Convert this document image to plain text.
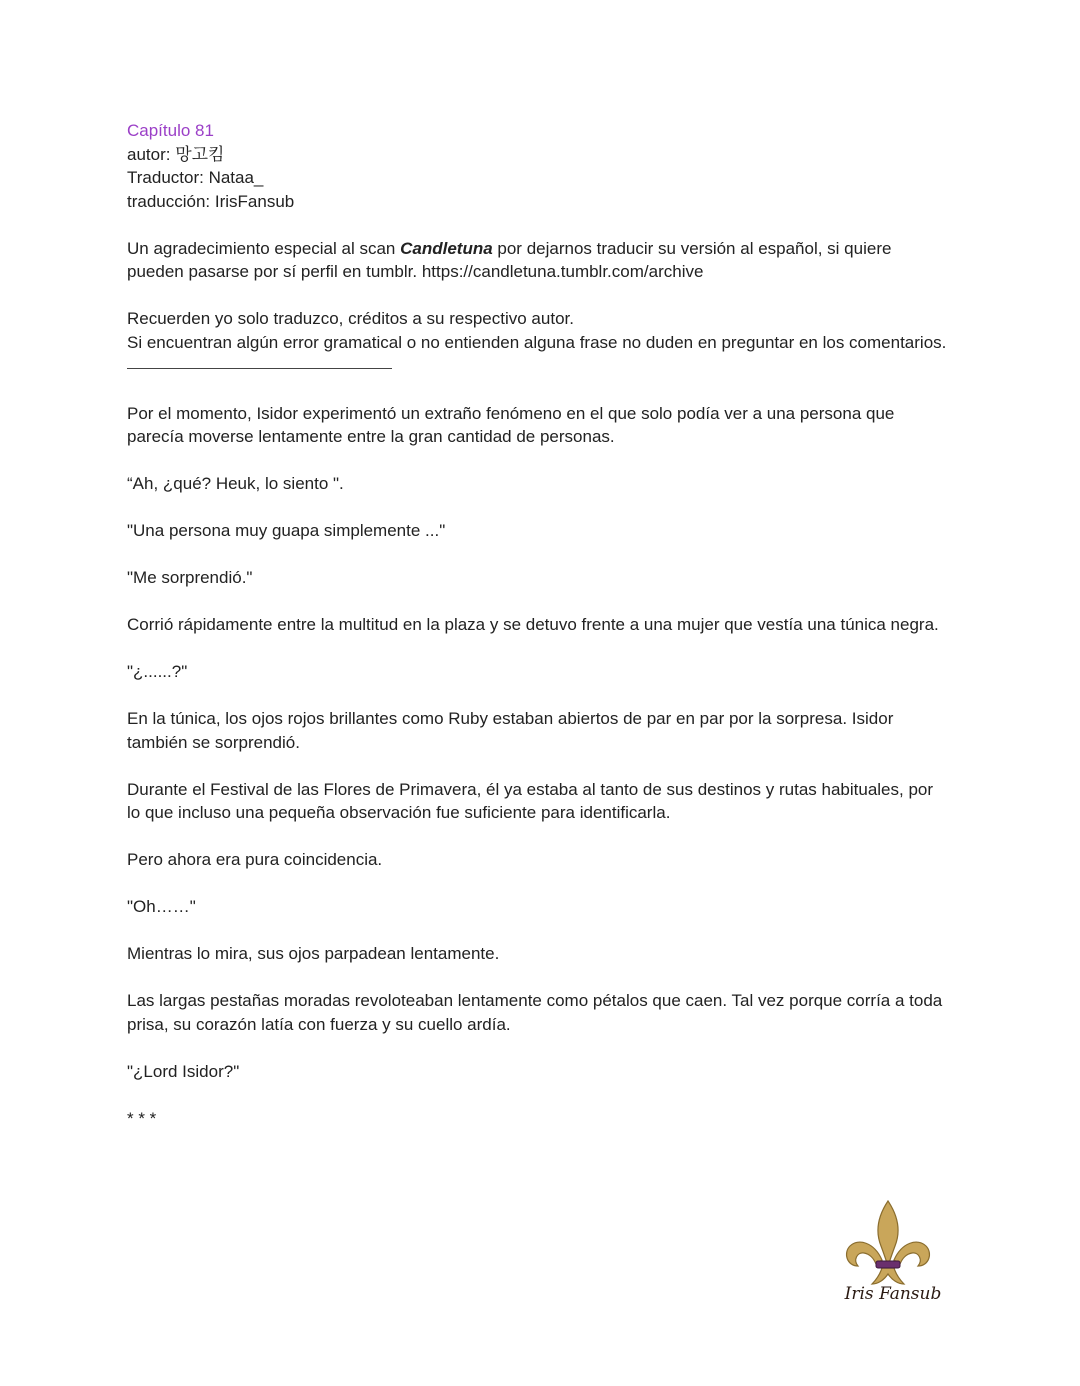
Capítulo 81
autor: 망고킴
Traductor: Nataa_
traducción: IrisFansub

Un agradecimiento especial al scan Candletuna por dejarnos traducir su versión al español, si quiere pueden pasarse por sí perfil en tumblr. https://candletuna.tumblr.com/archive

Recuerden yo solo traduzco, créditos a su respectivo autor.
Si encuentran algún error gramatical o no entienden alguna frase no duden en preguntar en los comentarios.

Por el momento, Isidor experimentó un extraño fenómeno en el que solo podía ver a una persona que parecía moverse lentamente entre la gran cantidad de personas.

“Ah, ¿qué? Heuk, lo siento ".

"Una persona muy guapa simplemente ..."

"Me sorprendió."

Corrió rápidamente entre la multitud en la plaza y se detuvo frente a una mujer que vestía una túnica negra.

"¿......?"

En la túnica, los ojos rojos brillantes como Ruby estaban abiertos de par en par por la sorpresa. Isidor también se sorprendió.

Durante el Festival de las Flores de Primavera, él ya estaba al tanto de sus destinos y rutas habituales, por lo que incluso una pequeña observación fue suficiente para identificarla.

Pero ahora era pura coincidencia.

"Oh……"

Mientras lo mira, sus ojos parpadean lentamente.

Las largas pestañas moradas revoloteaban lentamente como pétalos que caen. Tal vez porque corría a toda prisa, su corazón latía con fuerza y su cuello ardía.

"¿Lord Isidor?"

* * *

Iris Fansub
